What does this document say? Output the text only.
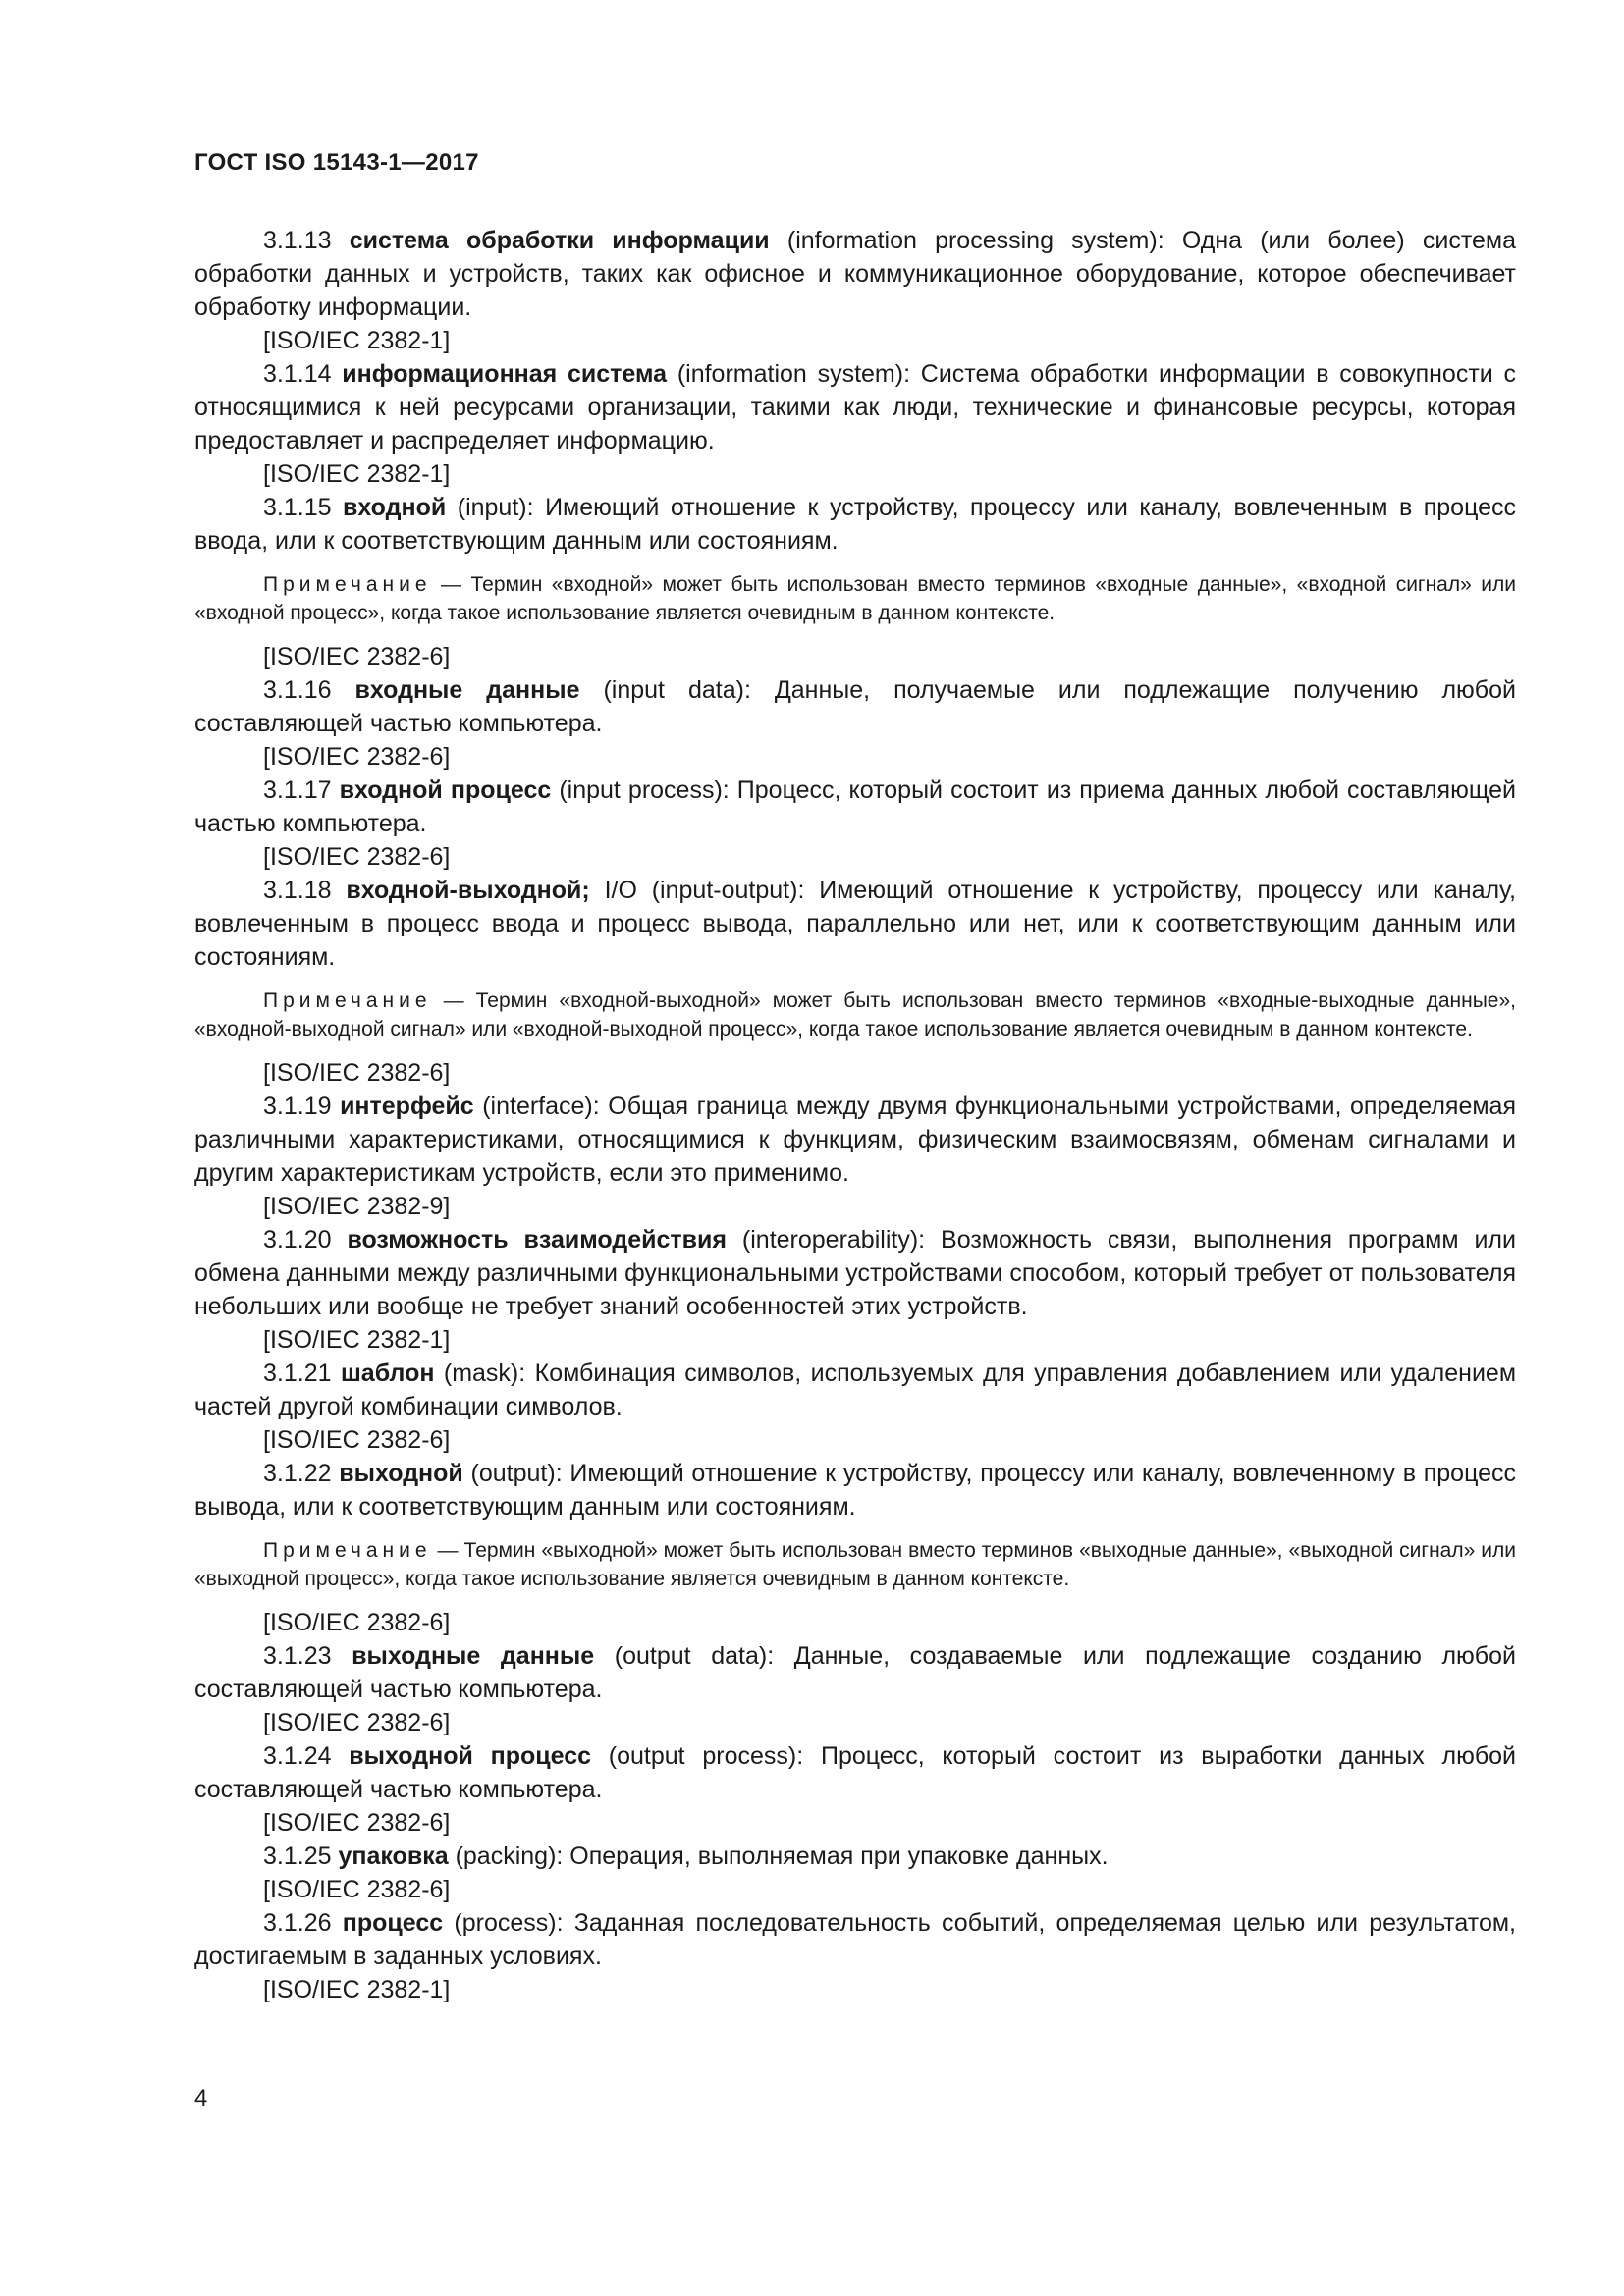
ГОСТ ISO 15143-1—2017

3.1.13 система обработки информации (information processing system): Одна (или более) система обработки данных и устройств, таких как офисное и коммуникационное оборудование, которое обеспечивает обработку информации.

[ISO/IEC 2382-1]

3.1.14 информационная система (information system): Система обработки информации в совокупности с относящимися к ней ресурсами организации, такими как люди, технические и финансовые ресурсы, которая предоставляет и распределяет информацию.

[ISO/IEC 2382-1]

3.1.15 входной (input): Имеющий отношение к устройству, процессу или каналу, вовлеченным в процесс ввода, или к соответствующим данным или состояниям.

Примечание — Термин «входной» может быть использован вместо терминов «входные данные», «входной сигнал» или «входной процесс», когда такое использование является очевидным в данном контексте.

[ISO/IEC 2382-6]

3.1.16 входные данные (input data): Данные, получаемые или подлежащие получению любой составляющей частью компьютера.

[ISO/IEC 2382-6]

3.1.17 входной процесс (input process): Процесс, который состоит из приема данных любой составляющей частью компьютера.

[ISO/IEC 2382-6]

3.1.18 входной-выходной; I/O (input-output): Имеющий отношение к устройству, процессу или каналу, вовлеченным в процесс ввода и процесс вывода, параллельно или нет, или к соответствующим данным или состояниям.

Примечание — Термин «входной-выходной» может быть использован вместо терминов «входные-выходные данные», «входной-выходной сигнал» или «входной-выходной процесс», когда такое использование является очевидным в данном контексте.

[ISO/IEC 2382-6]

3.1.19 интерфейс (interface): Общая граница между двумя функциональными устройствами, определяемая различными характеристиками, относящимися к функциям, физическим взаимосвязям, обменам сигналами и другим характеристикам устройств, если это применимо.

[ISO/IEC 2382-9]

3.1.20 возможность взаимодействия (interoperability): Возможность связи, выполнения программ или обмена данными между различными функциональными устройствами способом, который требует от пользователя небольших или вообще не требует знаний особенностей этих устройств.

[ISO/IEC 2382-1]

3.1.21 шаблон (mask): Комбинация символов, используемых для управления добавлением или удалением частей другой комбинации символов.

[ISO/IEC 2382-6]

3.1.22 выходной (output): Имеющий отношение к устройству, процессу или каналу, вовлеченному в процесс вывода, или к соответствующим данным или состояниям.

Примечание — Термин «выходной» может быть использован вместо терминов «выходные данные», «выходной сигнал» или «выходной процесс», когда такое использование является очевидным в данном контексте.

[ISO/IEC 2382-6]

3.1.23 выходные данные (output data): Данные, создаваемые или подлежащие созданию любой составляющей частью компьютера.

[ISO/IEC 2382-6]

3.1.24 выходной процесс (output process): Процесс, который состоит из выработки данных любой составляющей частью компьютера.

[ISO/IEC 2382-6]

3.1.25 упаковка (packing): Операция, выполняемая при упаковке данных.

[ISO/IEC 2382-6]

3.1.26 процесс (process): Заданная последовательность событий, определяемая целью или результатом, достигаемым в заданных условиях.

[ISO/IEC 2382-1]

4
